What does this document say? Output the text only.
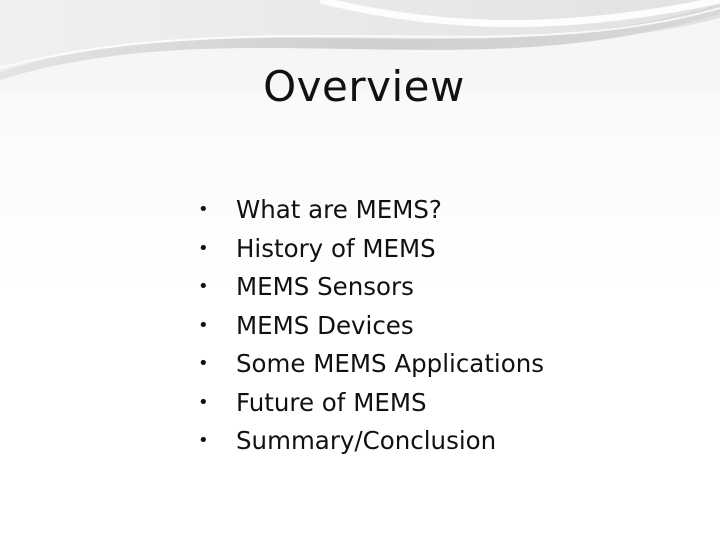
Overview
• What are MEMS?
• History of MEMS
• MEMS Sensors
• MEMS Devices
• Some MEMS Applications
• Future of MEMS
• Summary/Conclusion
